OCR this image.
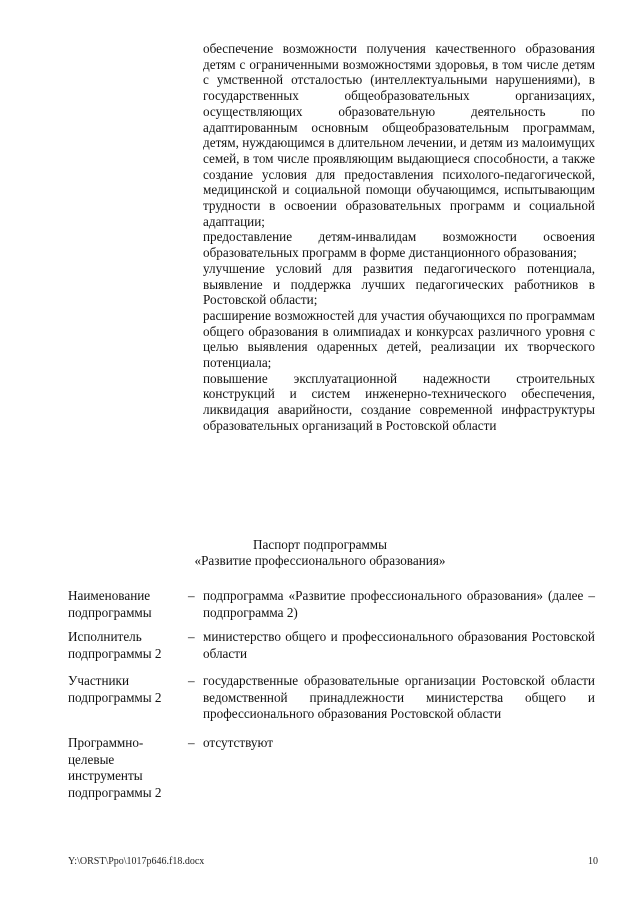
обеспечение возможности получения качественного образования детям с ограниченными возможностями здоровья, в том числе детям с умственной отсталостью (интеллектуальными нарушениями), в государственных общеобразовательных организациях, осуществляющих образовательную деятельность по адаптированным основным общеобразовательным программам, детям, нуждающимся в длительном лечении, и детям из малоимущих семей, в том числе проявляющим выдающиеся способности, а также создание условия для предоставления психолого-педагогической, медицинской и социальной помощи обучающимся, испытывающим трудности в освоении образовательных программ и социальной адаптации;

предоставление детям-инвалидам возможности освоения образовательных программ в форме дистанционного образования;

улучшение условий для развития педагогического потенциала, выявление и поддержка лучших педагогических работников в Ростовской области;

расширение возможностей для участия обучающихся по программам общего образования в олимпиадах и конкурсах различного уровня с целью выявления одаренных детей, реализации их творческого потенциала;

повышение эксплуатационной надежности строительных конструкций и систем инженерно-технического обеспечения, ликвидация аварийности, создание современной инфраструктуры образовательных организаций в Ростовской области

Паспорт подпрограммы
«Развитие профессионального образования»
Наименование подпрограммы
– подпрограмма «Развитие профессионального образования» (далее – подпрограмма 2)
Исполнитель подпрограммы 2
– министерство общего и профессионального образования Ростовской области
Участники подпрограммы 2
– государственные образовательные организации Ростовской области ведомственной принадлежности министерства общего и профессионального образования Ростовской области
Программно-целевые инструменты подпрограммы 2
– отсутствуют
Y:\ORST\Ppo\1017p646.f18.docx	10
